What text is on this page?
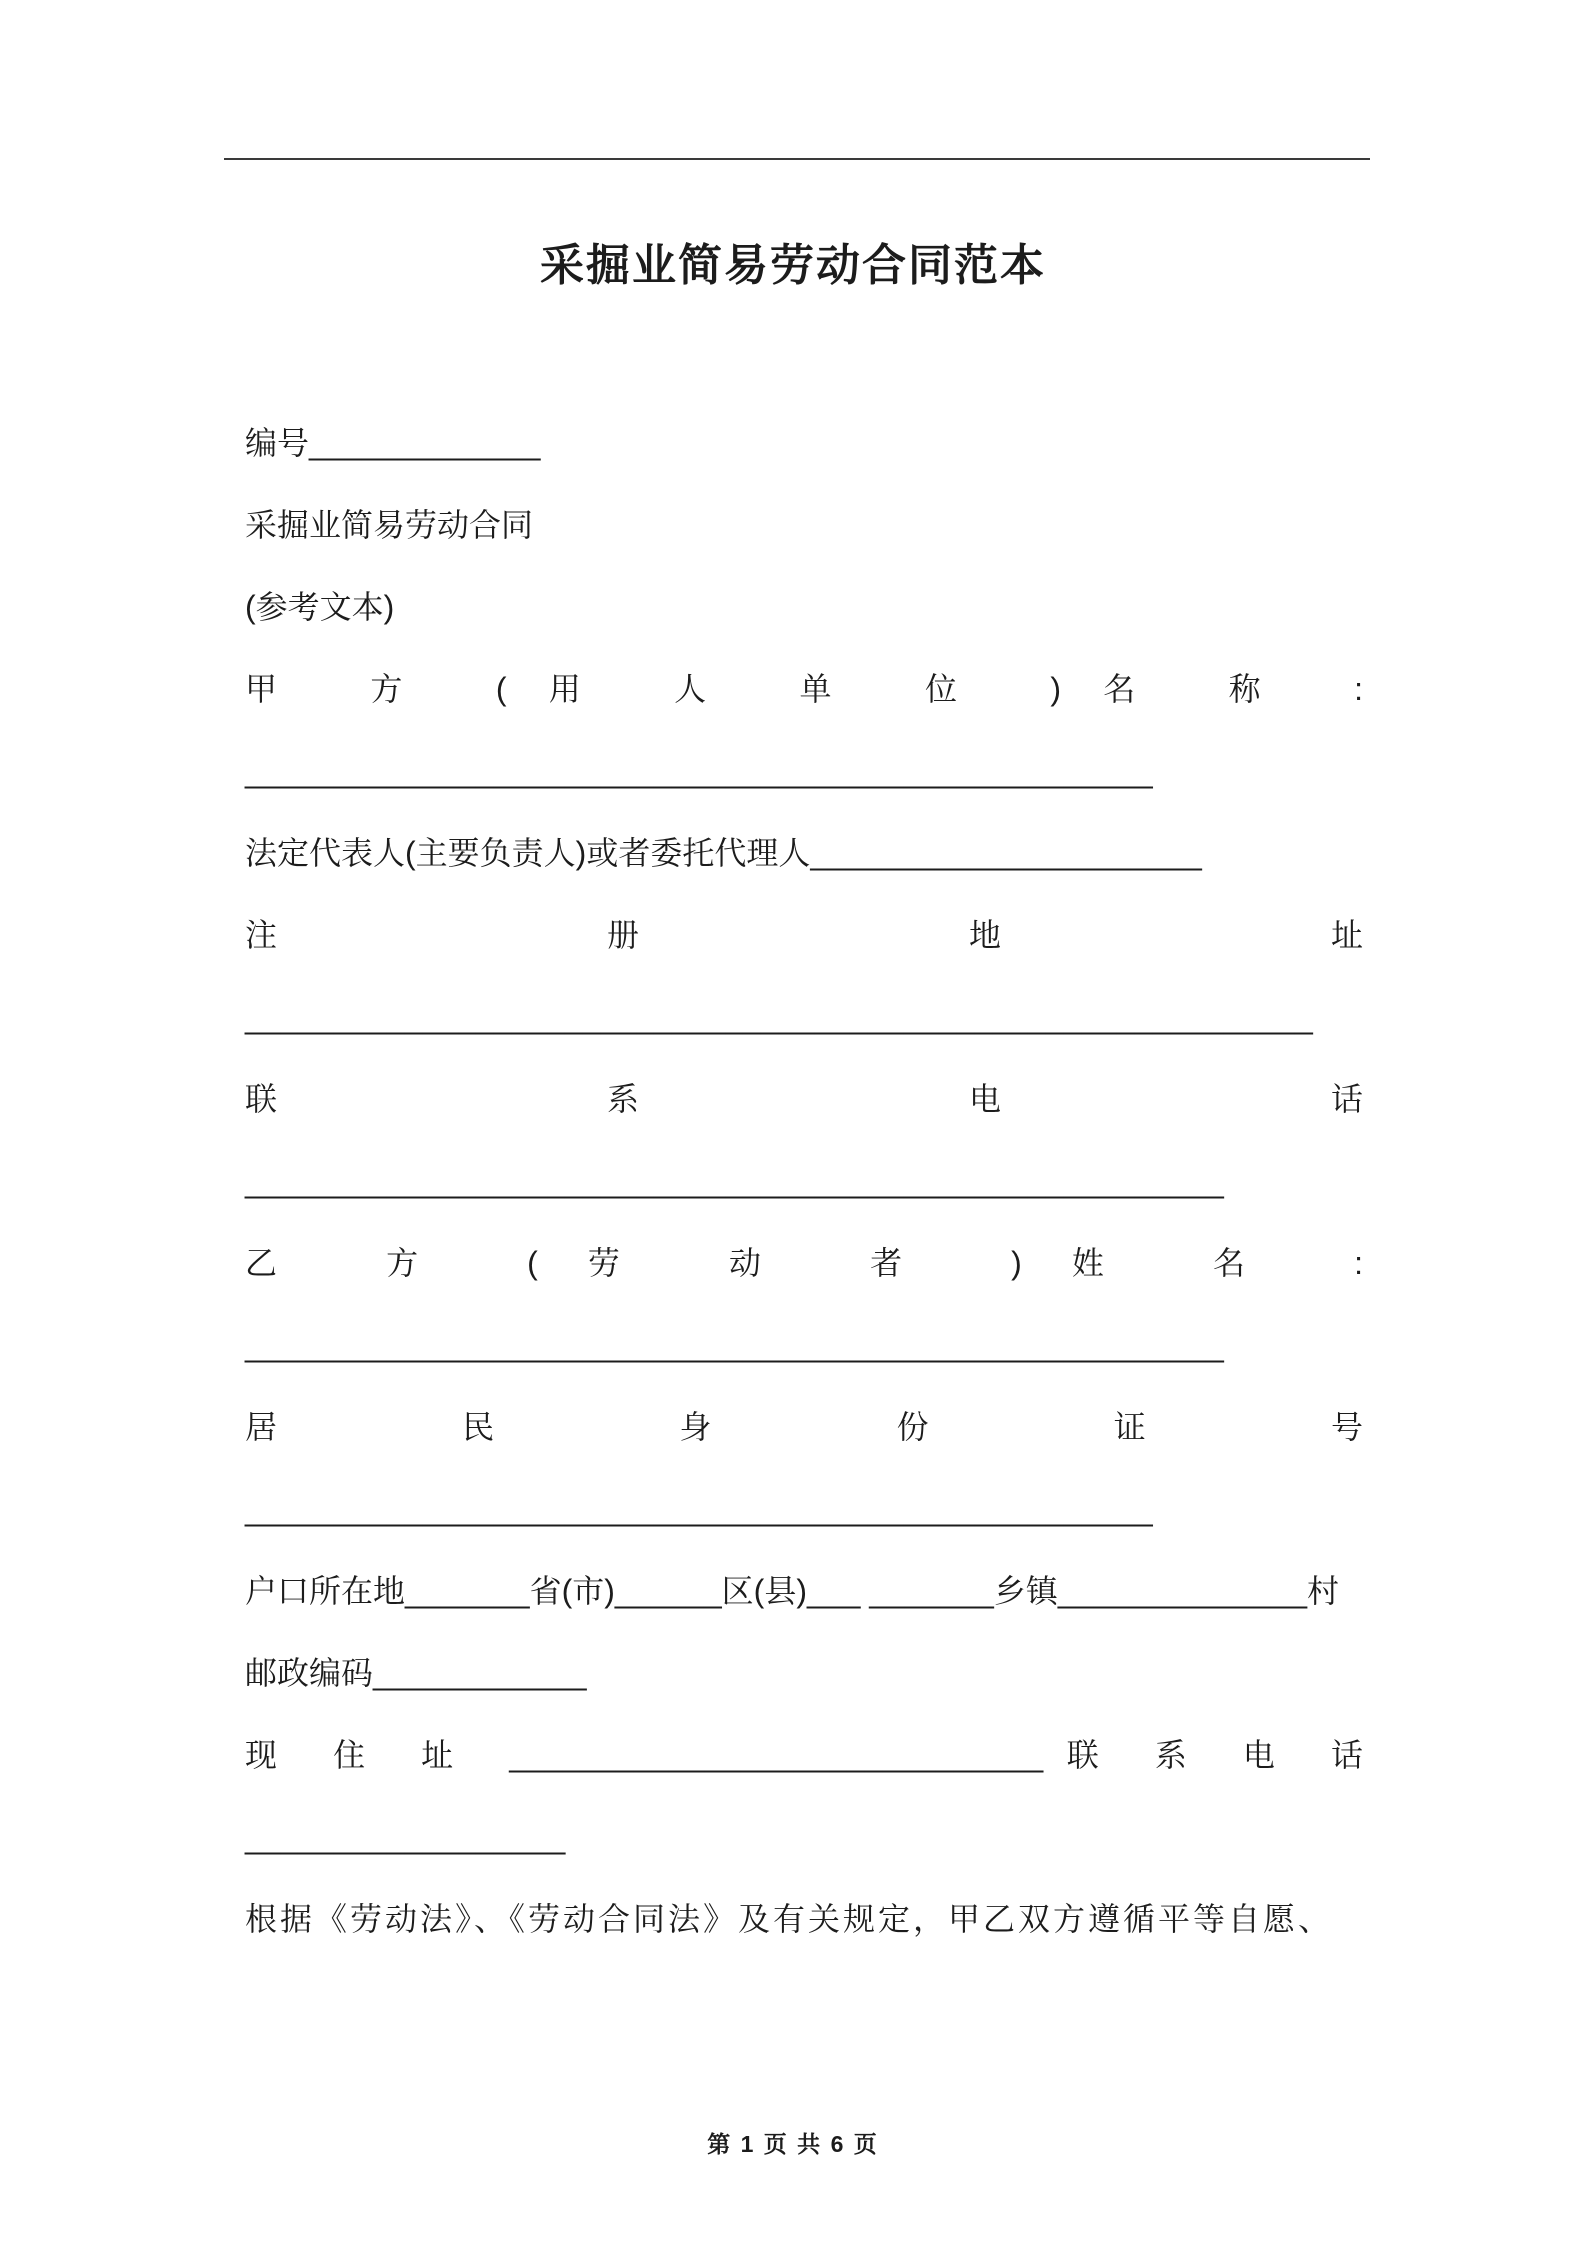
采掘业简易劳动合同范本

编号_____________

采掘业简易劳动合同

(参考文本)

甲 方 (用 人 单 位 )名 称 :

___________________________________________________

法定代表人(主要负责人)或者委托代理人______________________

注 册 地 址

____________________________________________________________

联 系 电 话

_______________________________________________________

乙 方 (劳 动 者 )姓 名 :

_______________________________________________________

居 民 身 份 证 号

___________________________________________________

户口所在地_______省(市)______区(县)___ _______乡镇______________村

邮政编码____________

现 住 址 ______________________________联 系 电 话

__________________

根据《劳动法》、《劳动合同法》及有关规定，甲乙双方遵循平等自愿、

第 1 页 共 6 页
